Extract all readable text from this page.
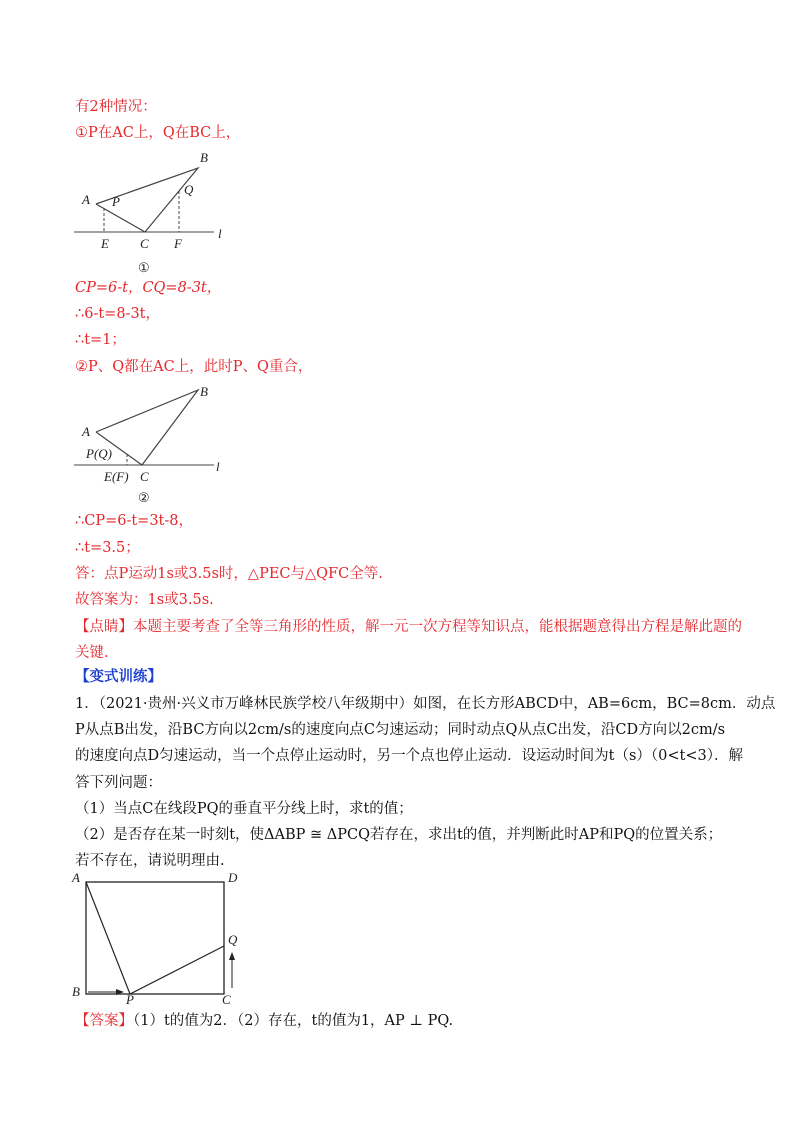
有2种情况：
①P在AC上，Q在BC上，
A
B
P
Q
E C F
l
①
CP=6-t，CQ=8-3t，
∴6-t=8-3t，
∴t=1；
②P、Q都在AC上，此时P、Q重合，
A
B
P(Q)
E(F) C
l
②
∴CP=6-t=3t-8，
∴t=3.5；
答：点P运动1s或3.5s时，△PEC与△QFC全等.
故答案为：1s或3.5s.
【点睛】本题主要考查了全等三角形的性质，解一元一次方程等知识点，能根据题意得出方程是解此题的
关键.
【变式训练】
1．（2021·贵州·兴义市万峰林民族学校八年级期中）如图，在长方形ABCD中，AB=6cm，BC=8cm．动点
P从点B出发，沿BC方向以2cm/s的速度向点C匀速运动；同时动点Q从点C出发，沿CD方向以2cm/s
的速度向点D匀速运动，当一个点停止运动时，另一个点也停止运动．设运动时间为t（s）（0<t<3）．解
答下列问题：
（1）当点C在线段PQ的垂直平分线上时，求t的值；
（2）是否存在某一时刻t，使ΔABP ≅ ΔPCQ若存在，求出t的值，并判断此时AP和PQ的位置关系；
若不存在，请说明理由.
A	D
B
P	C
Q
【答案】（1）t的值为2．（2）存在，t的值为1，AP ⊥ PQ.
